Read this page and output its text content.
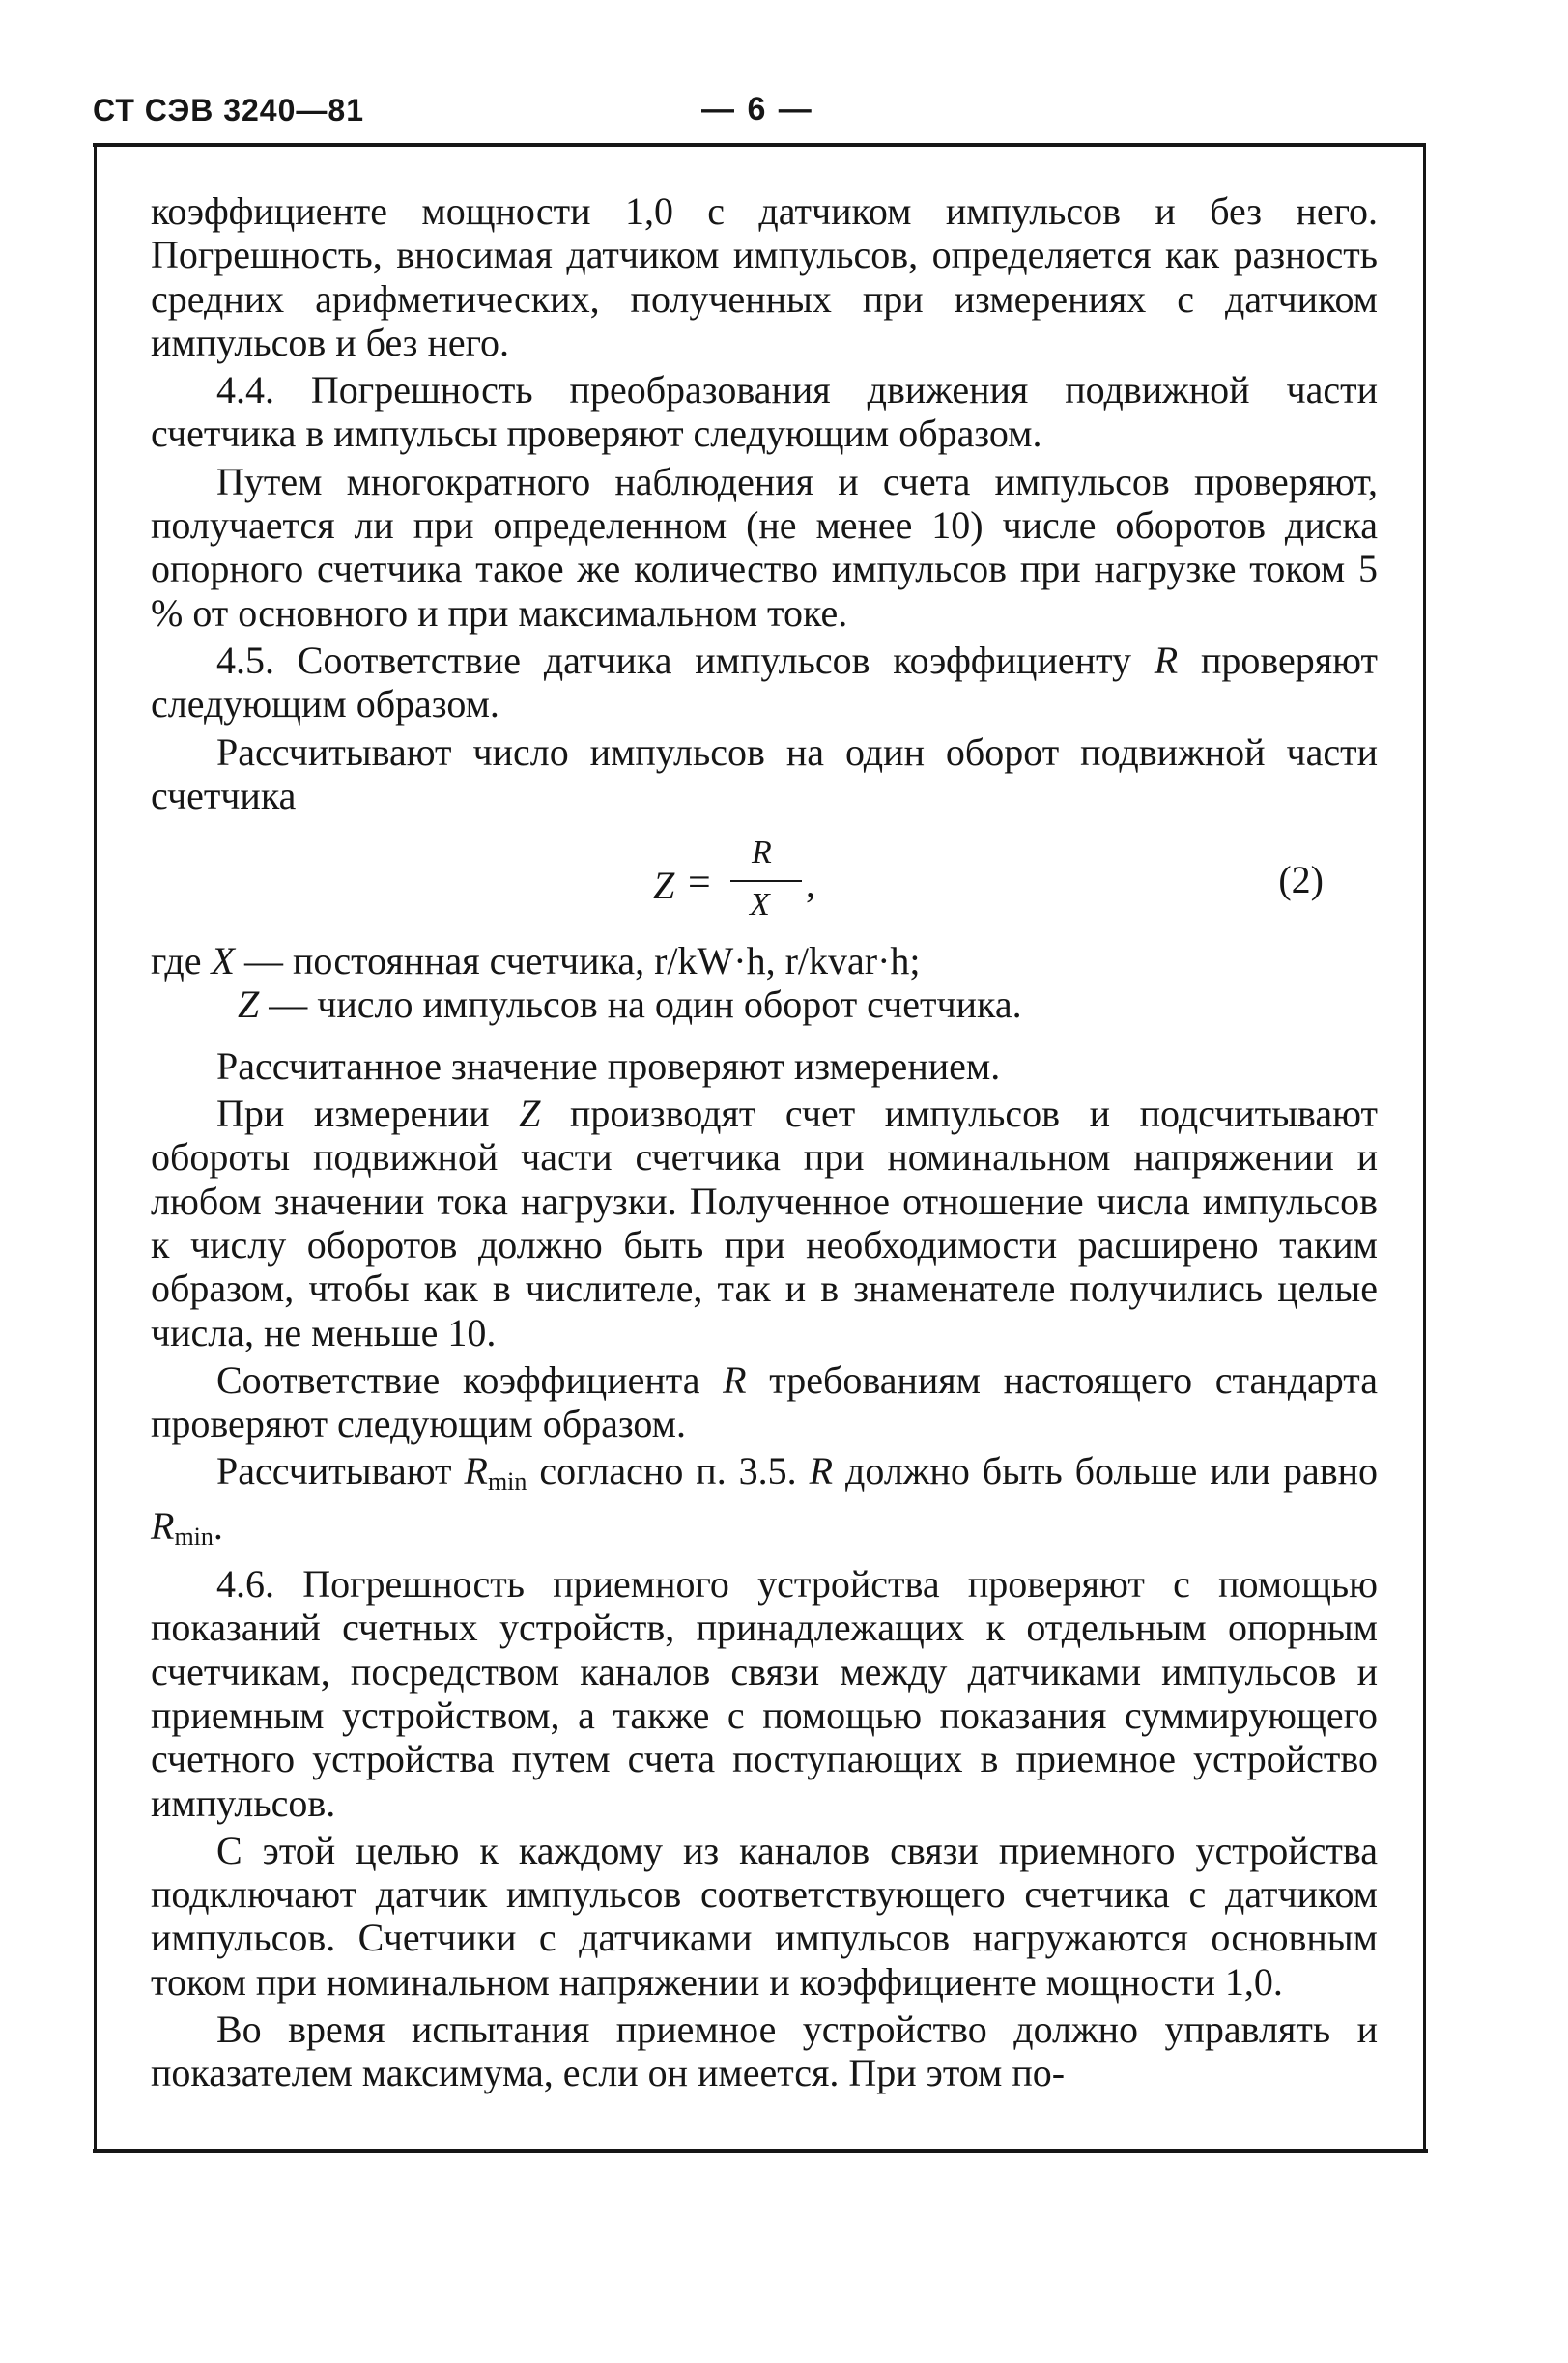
СТ СЭВ 3240—81	— 6 —

коэффициенте мощности 1,0 с датчиком импульсов и без него. Погрешность, вносимая датчиком импульсов, определяется как разность средних арифметических, полученных при измерениях с датчиком импульсов и без него.

4.4. Погрешность преобразования движения подвижной части счетчика в импульсы проверяют следующим образом.

Путем многократного наблюдения и счета импульсов проверяют, получается ли при определенном (не менее 10) числе оборотов диска опорного счетчика такое же количество импульсов при нагрузке током 5 % от основного и при максимальном токе.

4.5. Соответствие датчика импульсов коэффициенту R проверяют следующим образом.

Рассчитывают число импульсов на один оборот подвижной части счетчика

Z =
R
X ,	(2)
где X — постоянная счетчика, r/kW·h, r/kvar·h;
Z — число импульсов на один оборот счетчика.

Рассчитанное значение проверяют измерением.

При измерении Z производят счет импульсов и подсчитывают обороты подвижной части счетчика при номинальном напряжении и любом значении тока нагрузки. Полученное отношение числа импульсов к числу оборотов должно быть при необходимости расширено таким образом, чтобы как в числителе, так и в знаменателе получились целые числа, не меньше 10.

Соответствие коэффициента R требованиям настоящего стандарта проверяют следующим образом.

Рассчитывают $R_{min}$ согласно п. 3.5. R должно быть больше или равно $R_{min}$.

4.6. Погрешность приемного устройства проверяют с помощью показаний счетных устройств, принадлежащих к отдельным опорным счетчикам, посредством каналов связи между датчиками импульсов и приемным устройством, а также с помощью показания суммирующего счетного устройства путем счета поступающих в приемное устройство импульсов.

С этой целью к каждому из каналов связи приемного устройства подключают датчик импульсов соответствующего счетчика с датчиком импульсов. Счетчики с датчиками импульсов нагружаются основным током при номинальном напряжении и коэффициенте мощности 1,0.

Во время испытания приемное устройство должно управлять и показателем максимума, если он имеется. При этом по-
